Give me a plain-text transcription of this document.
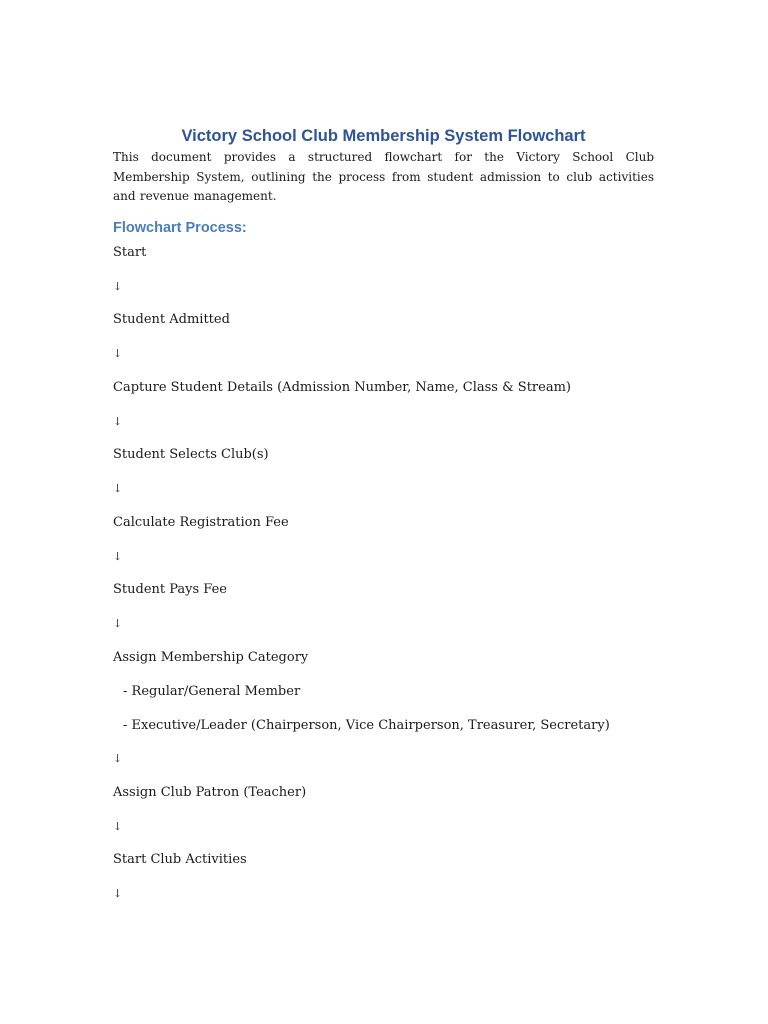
Victory School Club Membership System Flowchart

This document provides a structured flowchart for the Victory School Club Membership System, outlining the process from student admission to club activities and revenue management.

Flowchart Process:
Start
↓
Student Admitted
↓
Capture Student Details (Admission Number, Name, Class & Stream)
↓
Student Selects Club(s)
↓
Calculate Registration Fee
↓
Student Pays Fee
↓
Assign Membership Category
- Regular/General Member
- Executive/Leader (Chairperson, Vice Chairperson, Treasurer, Secretary)
↓
Assign Club Patron (Teacher)
↓
Start Club Activities
↓
